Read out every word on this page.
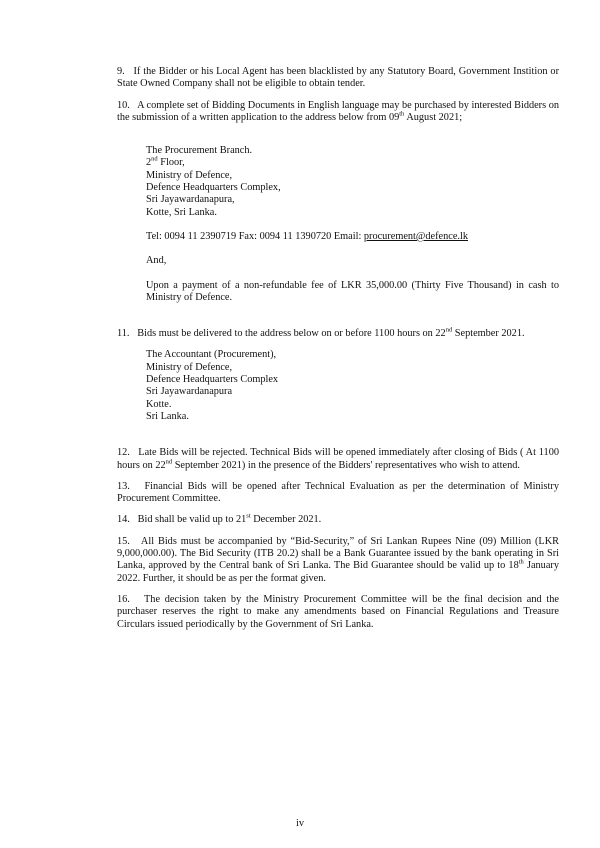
9. If the Bidder or his Local Agent has been blacklisted by any Statutory Board, Government Instition or State Owned Company shall not be eligible to obtain tender.

10. A complete set of Bidding Documents in English language may be purchased by interested Bidders on the submission of a written application to the address below from 09th August 2021;

The Procurement Branch.
2nd Floor,
Ministry of Defence,
Defence Headquarters Complex,
Sri Jayawardanapura,
Kotte, Sri Lanka.
Tel: 0094 11 2390719 Fax: 0094 11 1390720 Email: procurement@defence.lk
And,
Upon a payment of a non-refundable fee of LKR 35,000.00 (Thirty Five Thousand) in cash to Ministry of Defence.

11. Bids must be delivered to the address below on or before 1100 hours on 22nd September 2021.

The Accountant (Procurement),
Ministry of Defence,
Defence Headquarters Complex
Sri Jayawardanapura
Kotte.
Sri Lanka.

12. Late Bids will be rejected. Technical Bids will be opened immediately after closing of Bids ( At 1100 hours on 22nd September 2021) in the presence of the Bidders' representatives who wish to attend.

13. Financial Bids will be opened after Technical Evaluation as per the determination of Ministry Procurement Committee.

14. Bid shall be valid up to 21st December 2021.

15. All Bids must be accompanied by “Bid-Security,” of Sri Lankan Rupees Nine (09) Million (LKR 9,000,000.00). The Bid Security (ITB 20.2) shall be a Bank Guarantee issued by the bank operating in Sri Lanka, approved by the Central bank of Sri Lanka. The Bid Guarantee should be valid up to 18th January 2022. Further, it should be as per the format given.

16. The decision taken by the Ministry Procurement Committee will be the final decision and the purchaser reserves the right to make any amendments based on Financial Regulations and Treasure Circulars issued periodically by the Government of Sri Lanka.

iv
